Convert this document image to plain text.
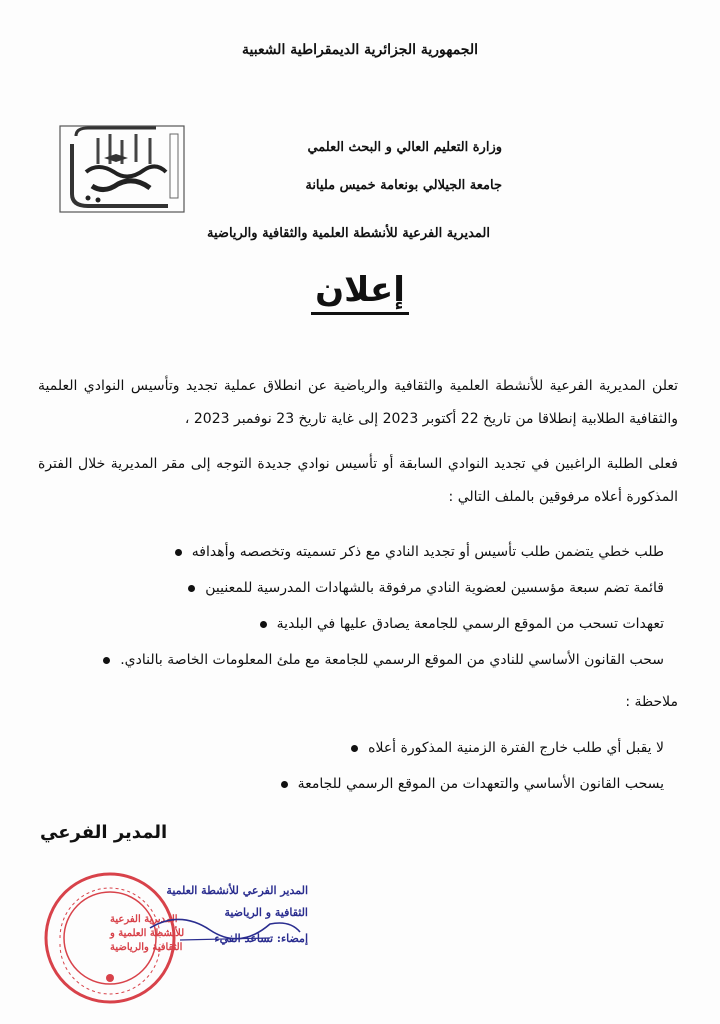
الجمهورية الجزائرية الديمقراطية الشعبية
وزارة التعليم العالي و البحث العلمي
جامعة الجيلالي بونعامة خميس مليانة
المديرية الفرعية للأنشطة العلمية والثقافية والرياضية
إعلان
تعلن المديرية الفرعية للأنشطة العلمية والثقافية والرياضية عن انطلاق عملية تجديد وتأسيس النوادي العلمية والثقافية الطلابية إنطلاقا من تاريخ 22 أكتوبر 2023 إلى غاية تاريخ 23 نوفمبر 2023 ،
فعلى الطلبة الراغبين في تجديد النوادي السابقة أو تأسيس نوادي جديدة التوجه إلى مقر المديرية خلال الفترة المذكورة أعلاه مرفوقين بالملف التالي :
طلب خطي يتضمن طلب تأسيس أو تجديد النادي مع ذكر تسميته وتخصصه وأهدافه
قائمة تضم سبعة مؤسسين لعضوية النادي مرفوقة بالشهادات المدرسية للمعنيين
تعهدات تسحب من الموقع الرسمي للجامعة يصادق عليها في البلدية
سحب القانون الأساسي للنادي من الموقع الرسمي للجامعة مع ملئ المعلومات الخاصة بالنادي.
ملاحظة :
لا يقبل أي طلب خارج الفترة الزمنية المذكورة أعلاه
يسحب القانون الأساسي والتعهدات من الموقع الرسمي للجامعة
المدير الفرعي
المديرية الفرعية
للأنشطة العلمية و
الثقافية والرياضية
المدير الفرعي للأنشطة العلمية
الثقافية و الرياضية
إمضاء: تساعد الفيء
